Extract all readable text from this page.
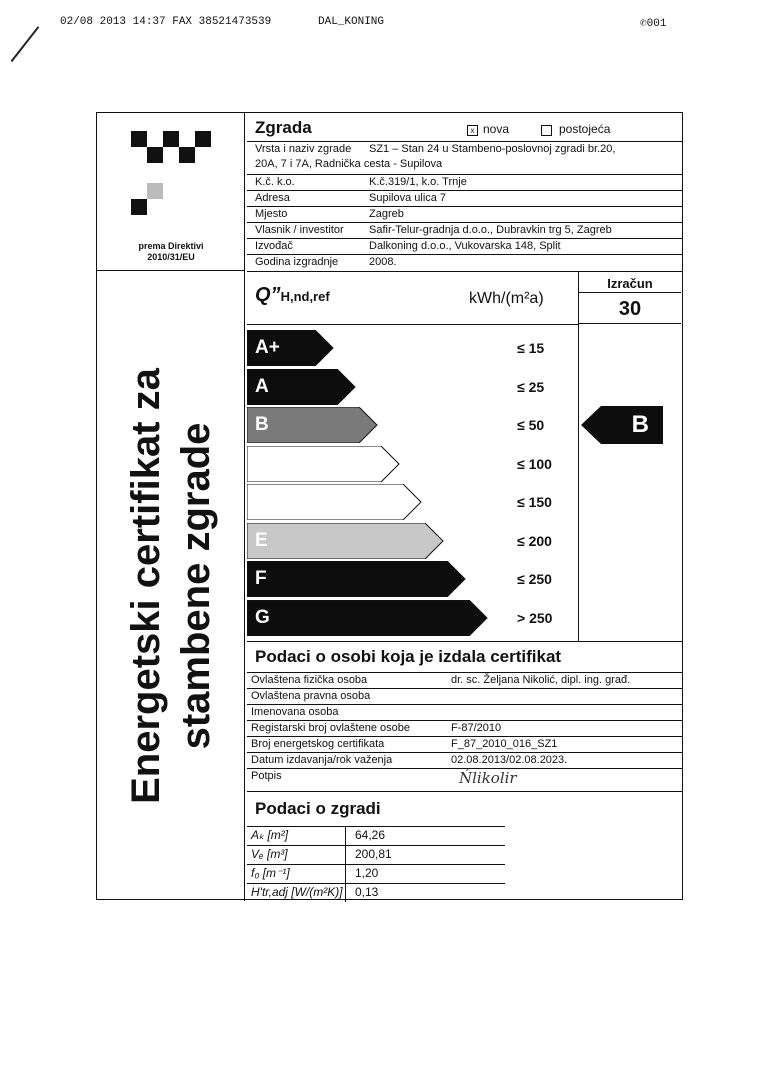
02/08 2013 14:37 FAX 38521473539	DAL_KONING	✆001
prema Direktivi
2010/31/EU
Energetski certifikat za stambene zgrade
Zgrada	x nova	postojeća
Vrsta i naziv zgrade SZ1 – Stan 24 u Stambeno-poslovnoj zgradi br.20,
20A, 7 i 7A, Radnička cesta - Supilova
K.č. k.o.	K.č.319/1, k.o. Trnje
Adresa	Supilova ulica 7
Mjesto	Zagreb
Vlasnik / investitor Safir-Telur-gradnja d.o.o., Dubravkin trg 5, Zagreb
Izvođač	Dalkoning d.o.o., Vukovarska 148, Split
Godina izgradnje	2008.
Q”H,nd,ref	kWh/(m²a)
Izračun
30
A+	≤ 15
A	≤ 25
B	≤ 50
C	≤ 100
D	≤ 150
E	≤ 200
F	≤ 250
G	> 250
B
Podaci o osobi koja je izdala certifikat
Ovlaštena fizička osoba	dr. sc. Željana Nikolić, dipl. ing. građ.
Ovlaštena pravna osoba
Imenovana osoba
Registarski broj ovlaštene osobe	F-87/2010
Broj energetskog certifikata	F_87_2010_016_SZ1
Datum izdavanja/rok važenja	02.08.2013/02.08.2023.
Potpis	Ńlikolir
Podaci o zgradi
Aₖ [m²]	64,26
Vₑ [m³]	200,81
f₀ [m⁻¹]	1,20
H'tr,adj [W/(m²K)] 0,13
